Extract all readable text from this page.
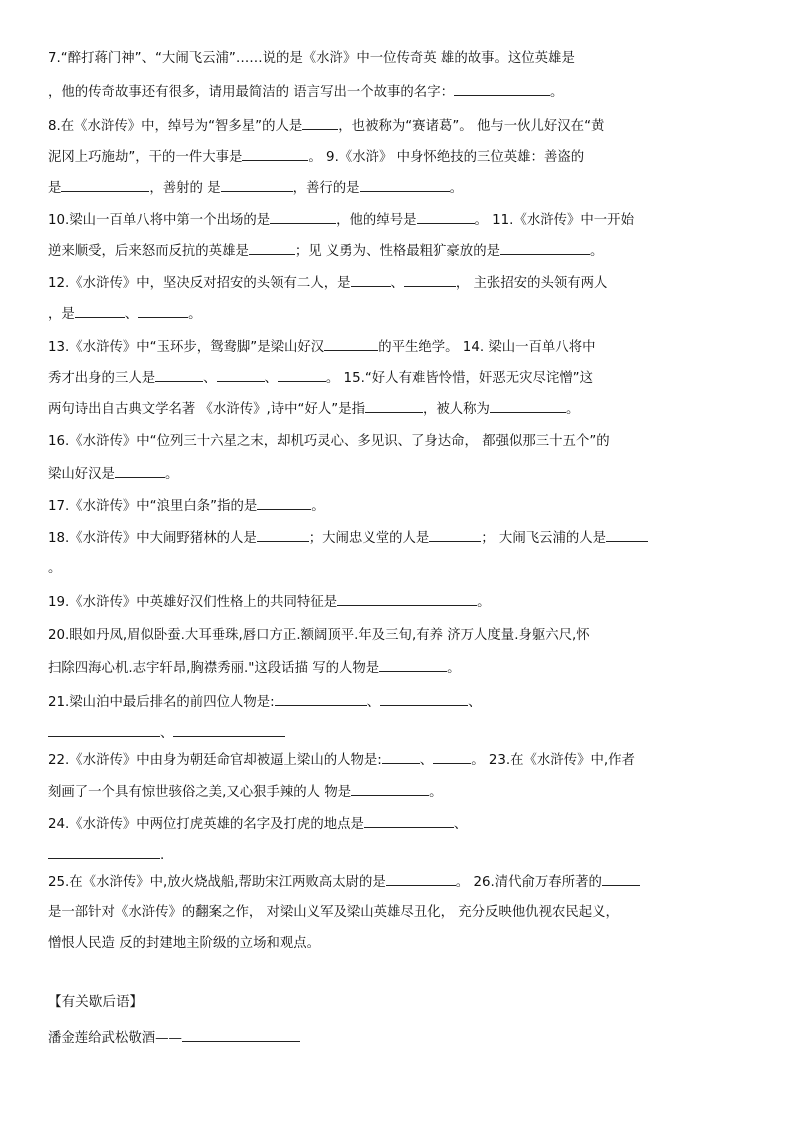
7.“醉打蒋门神”、“大闹飞云浦”……说的是《水浒》中一位传奇英 雄的故事。这位英雄是
，他的传奇故事还有很多，请用最简洁的 语言写出一个故事的名字：	。
8.在《水浒传》中，绰号为“智多星”的人是	，也被称为“赛诸葛”。 他与一伙儿好汉在“黄
泥冈上巧施劫”，干的一件大事是	。 9.《水浒》 中身怀绝技的三位英雄：善盗的
是	，善射的 是	，善行的是	。
10.梁山一百单八将中第一个出场的是	，他的绰号是	。 11.《水浒传》中一开始
逆来顺受，后来怒而反抗的英雄是	；见 义勇为、性格最粗犷豪放的是	。
12.《水浒传》中，坚决反对招安的头领有二人，是	、	， 主张招安的头领有两人
，是	、	。
13.《水浒传》中“玉环步，鸳鸯脚”是梁山好汉	的平生绝学。 14. 梁山一百单八将中
秀才出身的三人是	、	、	。 15.“好人有难皆怜惜，奸恶无灾尽诧憎”这
两句诗出自古典文学名著 《水浒传》,诗中“好人”是指	，被人称为	。
16.《水浒传》中“位列三十六星之末，却机巧灵心、多见识、了身达命， 都强似那三十五个”的
梁山好汉是	。
17.《水浒传》中“浪里白条”指的是	。
18.《水浒传》中大闹野猪林的人是	；大闹忠义堂的人是	； 大闹飞云浦的人是
。
19.《水浒传》中英雄好汉们性格上的共同特征是	。
20.眼如丹凤,眉似卧蚕.大耳垂珠,唇口方正.额阔顶平.年及三旬,有养 济万人度量.身躯六尺,怀
扫除四海心机.志宇轩昂,胸襟秀丽."这段话描 写的人物是	。
21.梁山泊中最后排名的前四位人物是:	、	、
、
22.《水浒传》中由身为朝廷命官却被逼上梁山的人物是:	、	。 23.在《水浒传》中,作者
刻画了一个具有惊世骇俗之美,又心狠手辣的人 物是	。
24.《水浒传》中两位打虎英雄的名字及打虎的地点是	、
.
25.在《水浒传》中,放火烧战船,帮助宋江两败高太尉的是	。 26.清代俞万春所著的
是一部针对《水浒传》的翻案之作， 对梁山义军及梁山英雄尽丑化， 充分反映他仇视农民起义，
憎恨人民造 反的封建地主阶级的立场和观点。
【有关歇后语】
潘金莲给武松敬酒——
